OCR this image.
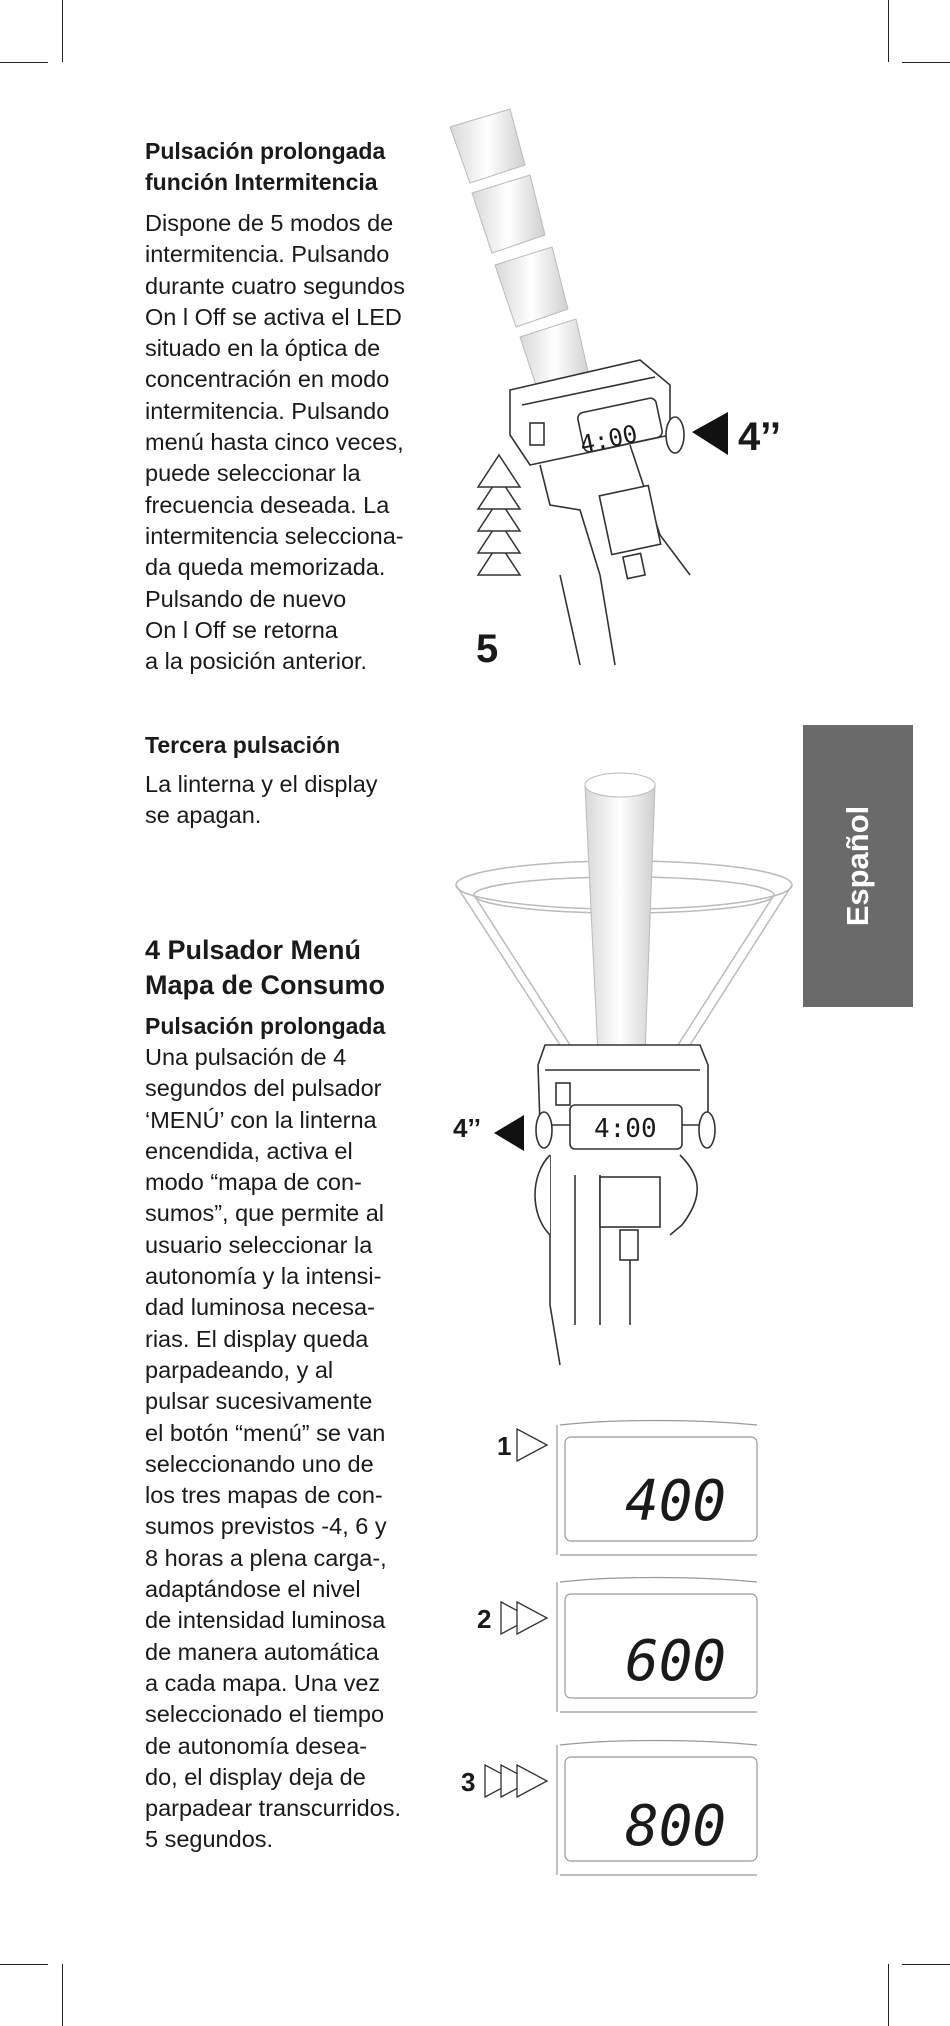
Pulsación prolongada

función Intermitencia

Dispone de 5 modos de
intermitencia. Pulsando
durante cuatro segundos
On l Off se activa el LED
situado en la óptica de
concentración en modo
intermitencia. Pulsando
menú hasta cinco veces,
puede seleccionar la
frecuencia deseada. La
intermitencia selecciona-
da queda memorizada.
Pulsando de nuevo
On l Off se retorna
a la posición anterior.

Tercera pulsación

La linterna y el display
se apagan.

4 Pulsador Menú
Mapa de Consumo

Pulsación prolongada

Una pulsación de 4
segundos del pulsador
‘MENÚ’ con la linterna
encendida, activa el
modo “mapa de con-
sumos”, que permite al
usuario seleccionar la
autonomía y la intensi-
dad luminosa necesa-
rias. El display queda
parpadeando, y al
pulsar sucesivamente
el botón “menú” se van
seleccionando uno de
los tres mapas de con-
sumos previstos -4, 6 y
8 horas a plena carga-,
adaptándose el nivel
de intensidad luminosa
de manera automática
a cada mapa. Una vez
seleccionado el tiempo
de autonomía desea-
do, el display deja de
parpadear transcurridos.
5 segundos.

Español
4:00 4’’
5
4:00
4’’
1
400
2
600
3
800
